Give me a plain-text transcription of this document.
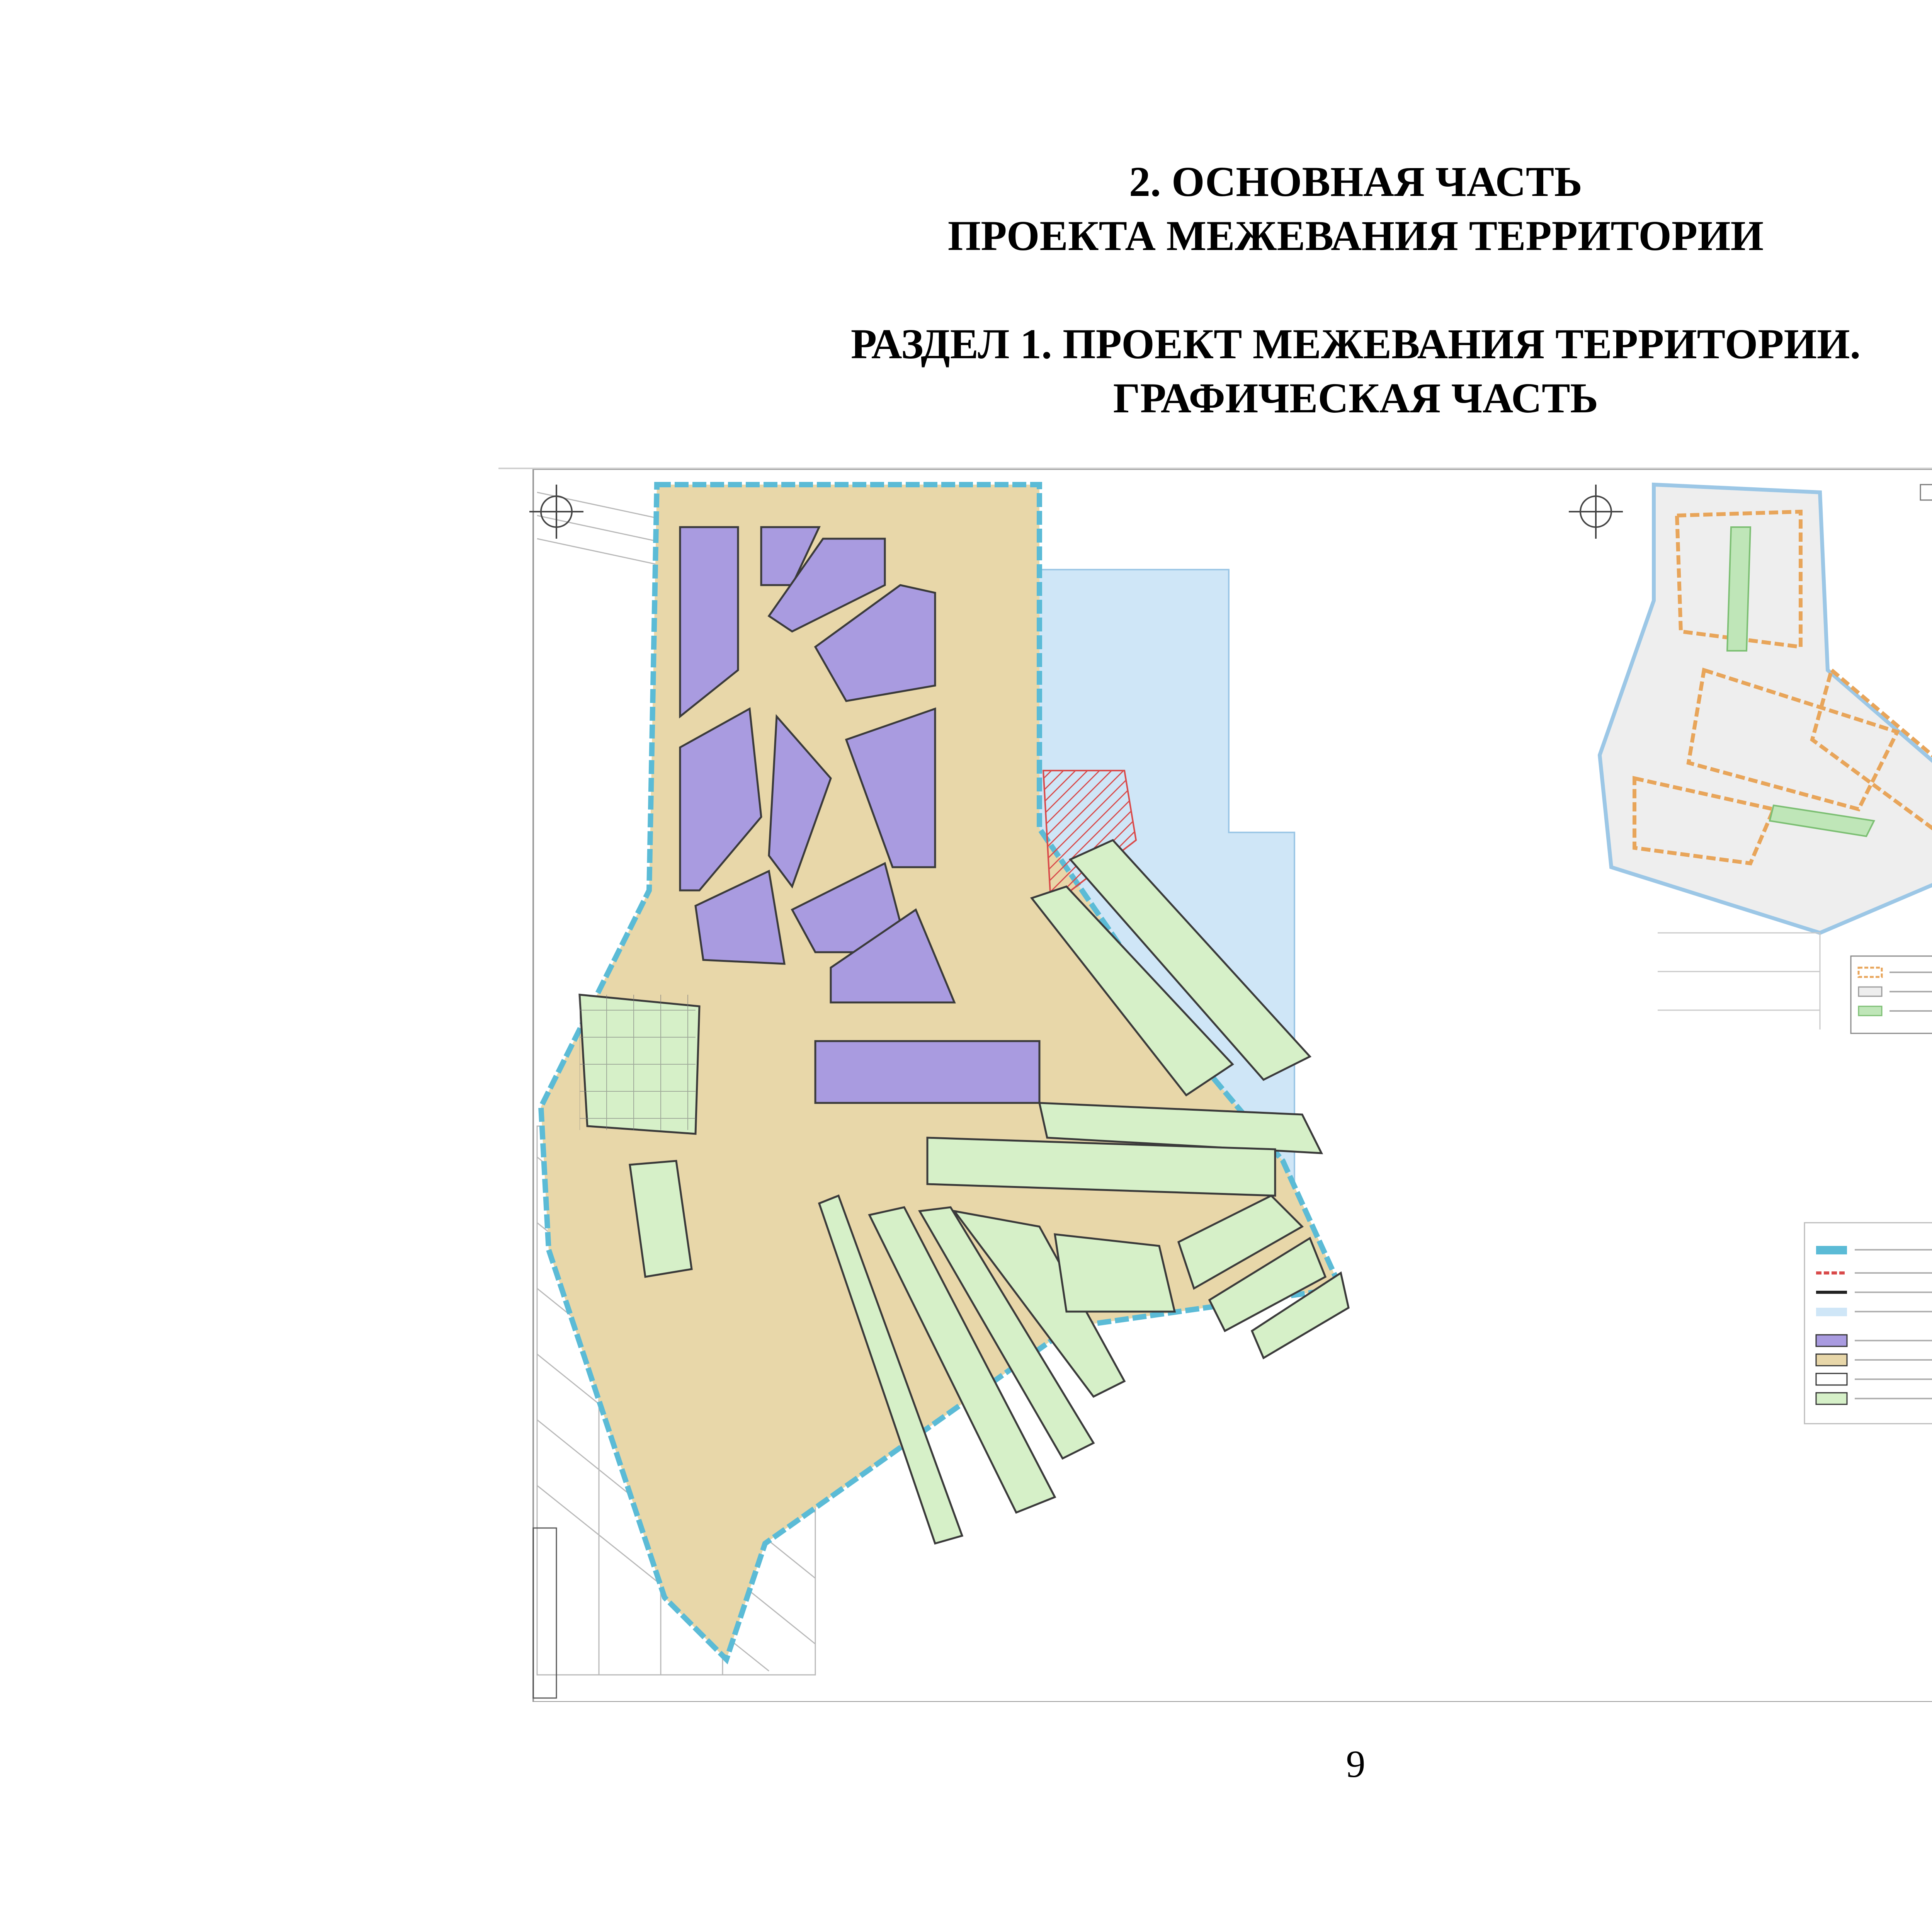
2. ОСНОВНАЯ ЧАСТЬ
ПРОЕКТА МЕЖЕВАНИЯ ТЕРРИТОРИИ
РАЗДЕЛ 1. ПРОЕКТ МЕЖЕВАНИЯ ТЕРРИТОРИИ.
ГРАФИЧЕСКАЯ ЧАСТЬ
9
